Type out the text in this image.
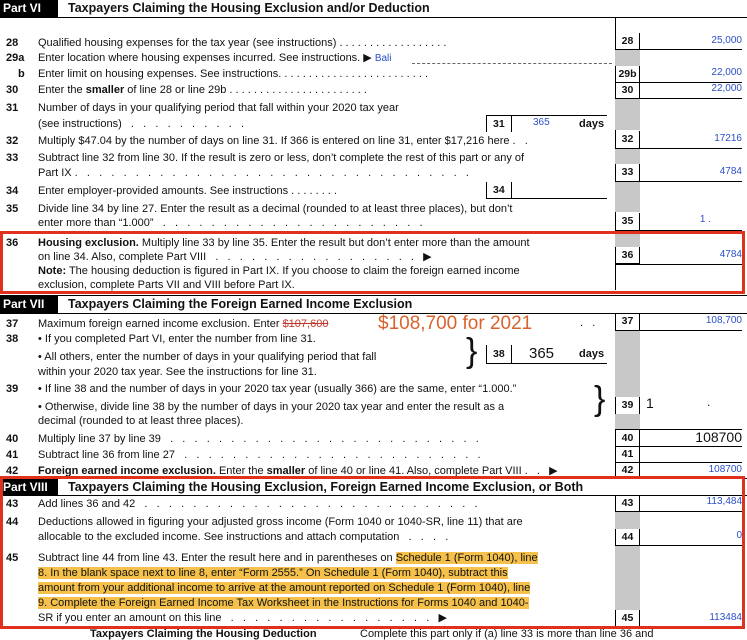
Part VI	Taxpayers Claiming the Housing Exclusion and/or Deduction
28 Qualified housing expenses for the tax year (see instructions) . . . . . . . . . . . . . . . . . .	28	25,000
29a Enter location where housing expenses incurred. See instructions. ▶ Bali
b Enter limit on housing expenses. See instructions. . . . . . . . . . . . . . . . . . . . . . . . .	29b	22,000
30 Enter the smaller of line 28 or line 29b . . . . . . . . . . . . . . . . . . . . . . .	30	22,000
31 Number of days in your qualifying period that fall within your 2020 tax year
(see instructions)   .   .   .   .   .   .   .   .   .   .	31	365	days
32 Multiply $47.04 by the number of days on line 31. If 366 is entered on line 31, enter $17,216 here .   .	32	17216
33 Subtract line 32 from line 30. If the result is zero or less, don’t complete the rest of this part or any of
Part IX .   .   .   .   .   .   .   .   .   .   .   .   .   .   .   .   .   .   .   .   .   .   .   .   .   .   .   .   .   .   .   .   .	33	4784
34 Enter employer-provided amounts. See instructions . . . . . . . .	34
35 Divide line 34 by line 27. Enter the result as a decimal (rounded to at least three places), but don’t
enter more than “1.000”   .   .   .   .   .   .   .   .   .   .   .   .   .   .   .   .   .   .   .   .   .   .	35	1 .
36 Housing exclusion. Multiply line 33 by line 35. Enter the result but don’t enter more than the amount
on line 34. Also, complete Part VIII   .   .   .   .   .   .   .   .   .   .   .   .   .   .   .   .   .   ▶
Note: The housing deduction is figured in Part IX. If you choose to claim the foreign earned income
exclusion, complete Parts VII and VIII before Part IX.
36	4784
Part VII	Taxpayers Claiming the Foreign Earned Income Exclusion
37 Maximum foreign earned income exclusion. Enter $107,600	$108,700 for 2021	.   .	37	108,700
38 • If you completed Part VI, enter the number from line 31.
• All others, enter the number of days in your qualifying period that fall
within your 2020 tax year. See the instructions for line 31.
} 38 365 days
39 • If line 38 and the number of days in your 2020 tax year (usually 366) are the same, enter “1.000.”
• Otherwise, divide line 38 by the number of days in your 2020 tax year and enter the result as a
decimal (rounded to at least three places).
}	39 1	.
40 Multiply line 37 by line 39   .   .   .   .   .   .   .   .   .   .   .   .   .   .   .   .   .   .   .   .   .   .   .   .   .   .	40	108700
41 Subtract line 36 from line 27   .   .   .   .   .   .   .   .   .   .   .   .   .   .   .   .   .   .   .   .   .   .   .   .   .	41
42 Foreign earned income exclusion. Enter the smaller of line 40 or line 41. Also, complete Part VIII .   .   ▶	42	108700
Part VIII	Taxpayers Claiming the Housing Exclusion, Foreign Earned Income Exclusion, or Both
43 Add lines 36 and 42   .   .   .   .   .   .   .   .   .   .   .   .   .   .   .   .   .   .   .   .   .   .   .   .   .   .   .   .	43	113,484
44 Deductions allowed in figuring your adjusted gross income (Form 1040 or 1040-SR, line 11) that are
allocable to the excluded income. See instructions and attach computation   .   .   .   .	44	0
45 Subtract line 44 from line 43. Enter the result here and in parentheses on Schedule 1 (Form 1040), line
8. In the blank space next to line 8, enter “Form 2555.” On Schedule 1 (Form 1040), subtract this
amount from your additional income to arrive at the amount reported on Schedule 1 (Form 1040), line
9. Complete the Foreign Earned Income Tax Worksheet in the Instructions for Forms 1040 and 1040-
SR if you enter an amount on this line   .   .   .   .   .   .   .   .   .   .   .   .   .   .   .   .   .   ▶	45	113484
Taxpayers Claiming the Housing Deduction	Complete this part only if (a) line 33 is more than line 36 and
